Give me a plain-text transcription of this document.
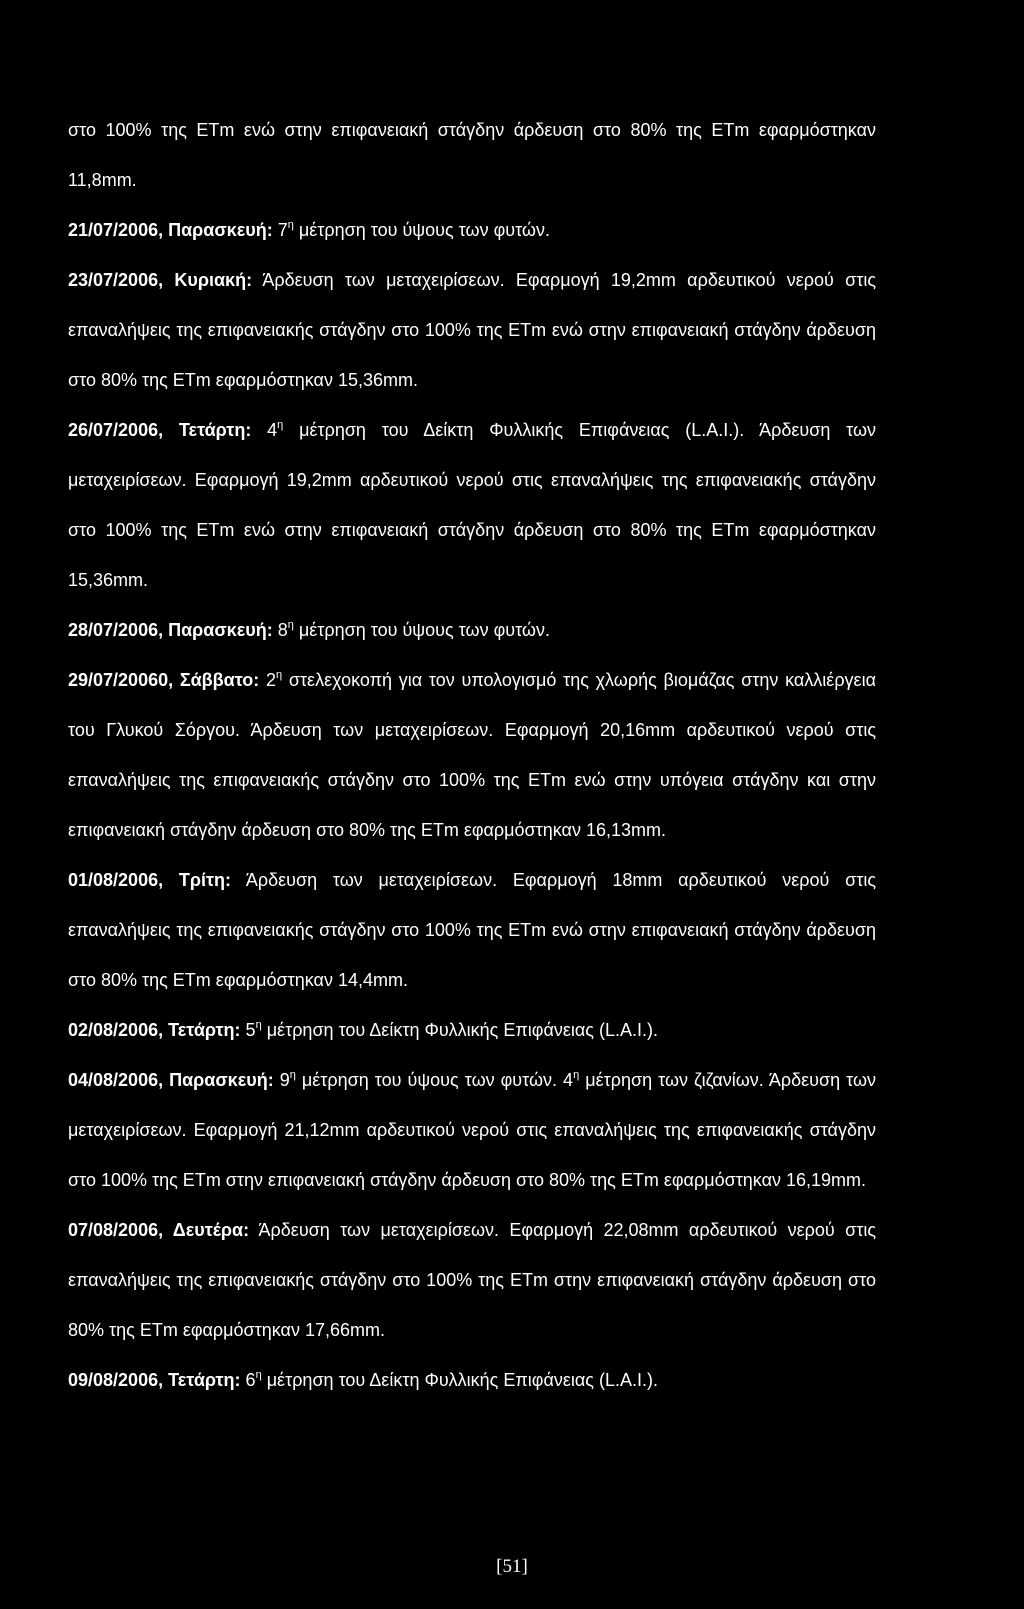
στο 100% της ΕΤm ενώ στην επιφανειακή στάγδην άρδευση στο 80% της ΕΤm εφαρμόστηκαν 11,8mm.

21/07/2006, Παρασκευή: $7^\eta$ μέτρηση του ύψους των φυτών.

23/07/2006, Κυριακή: Άρδευση των μεταχειρίσεων. Εφαρμογή 19,2mm αρδευτικού νερού στις επαναλήψεις της επιφανειακής στάγδην στο 100% της ΕΤm ενώ στην επιφανειακή στάγδην άρδευση στο 80% της ΕΤm εφαρμόστηκαν 15,36mm.

26/07/2006, Τετάρτη: $4^\eta$ μέτρηση του Δείκτη Φυλλικής Επιφάνειας (L.A.I.). Άρδευση των μεταχειρίσεων. Εφαρμογή 19,2mm αρδευτικού νερού στις επαναλήψεις της επιφανειακής στάγδην στο 100% της ΕΤm ενώ στην επιφανειακή στάγδην άρδευση στο 80% της ΕΤm εφαρμόστηκαν 15,36mm.

28/07/2006, Παρασκευή: $8^\eta$ μέτρηση του ύψους των φυτών.

29/07/20060, Σάββατο: $2^\eta$ στελεχοκοπή για τον υπολογισμό της χλωρής βιομάζας στην καλλιέργεια του Γλυκού Σόργου. Άρδευση των μεταχειρίσεων. Εφαρμογή 20,16mm αρδευτικού νερού στις επαναλήψεις της επιφανειακής στάγδην στο 100% της ΕΤm ενώ στην υπόγεια στάγδην και στην επιφανειακή στάγδην άρδευση στο 80% της ΕΤm εφαρμόστηκαν 16,13mm.

01/08/2006, Τρίτη: Άρδευση των μεταχειρίσεων. Εφαρμογή 18mm αρδευτικού νερού στις επαναλήψεις της επιφανειακής στάγδην στο 100% της ΕΤm ενώ στην επιφανειακή στάγδην άρδευση στο 80% της ΕΤm εφαρμόστηκαν 14,4mm.

02/08/2006, Τετάρτη: $5^\eta$ μέτρηση του Δείκτη Φυλλικής Επιφάνειας (L.A.I.).

04/08/2006, Παρασκευή: $9^\eta$ μέτρηση του ύψους των φυτών. $4^\eta$ μέτρηση των ζιζανίων. Άρδευση των μεταχειρίσεων. Εφαρμογή 21,12mm αρδευτικού νερού στις επαναλήψεις της επιφανειακής στάγδην στο 100% της ΕΤm στην επιφανειακή στάγδην άρδευση στο 80% της ΕΤm εφαρμόστηκαν 16,19mm.

07/08/2006, Δευτέρα: Άρδευση των μεταχειρίσεων. Εφαρμογή 22,08mm αρδευτικού νερού στις επαναλήψεις της επιφανειακής στάγδην στο 100% της ΕΤm στην επιφανειακή στάγδην άρδευση στο 80% της ΕΤm εφαρμόστηκαν 17,66mm.

09/08/2006, Τετάρτη: $6^\eta$ μέτρηση του Δείκτη Φυλλικής Επιφάνειας (L.A.I.).

[51]
